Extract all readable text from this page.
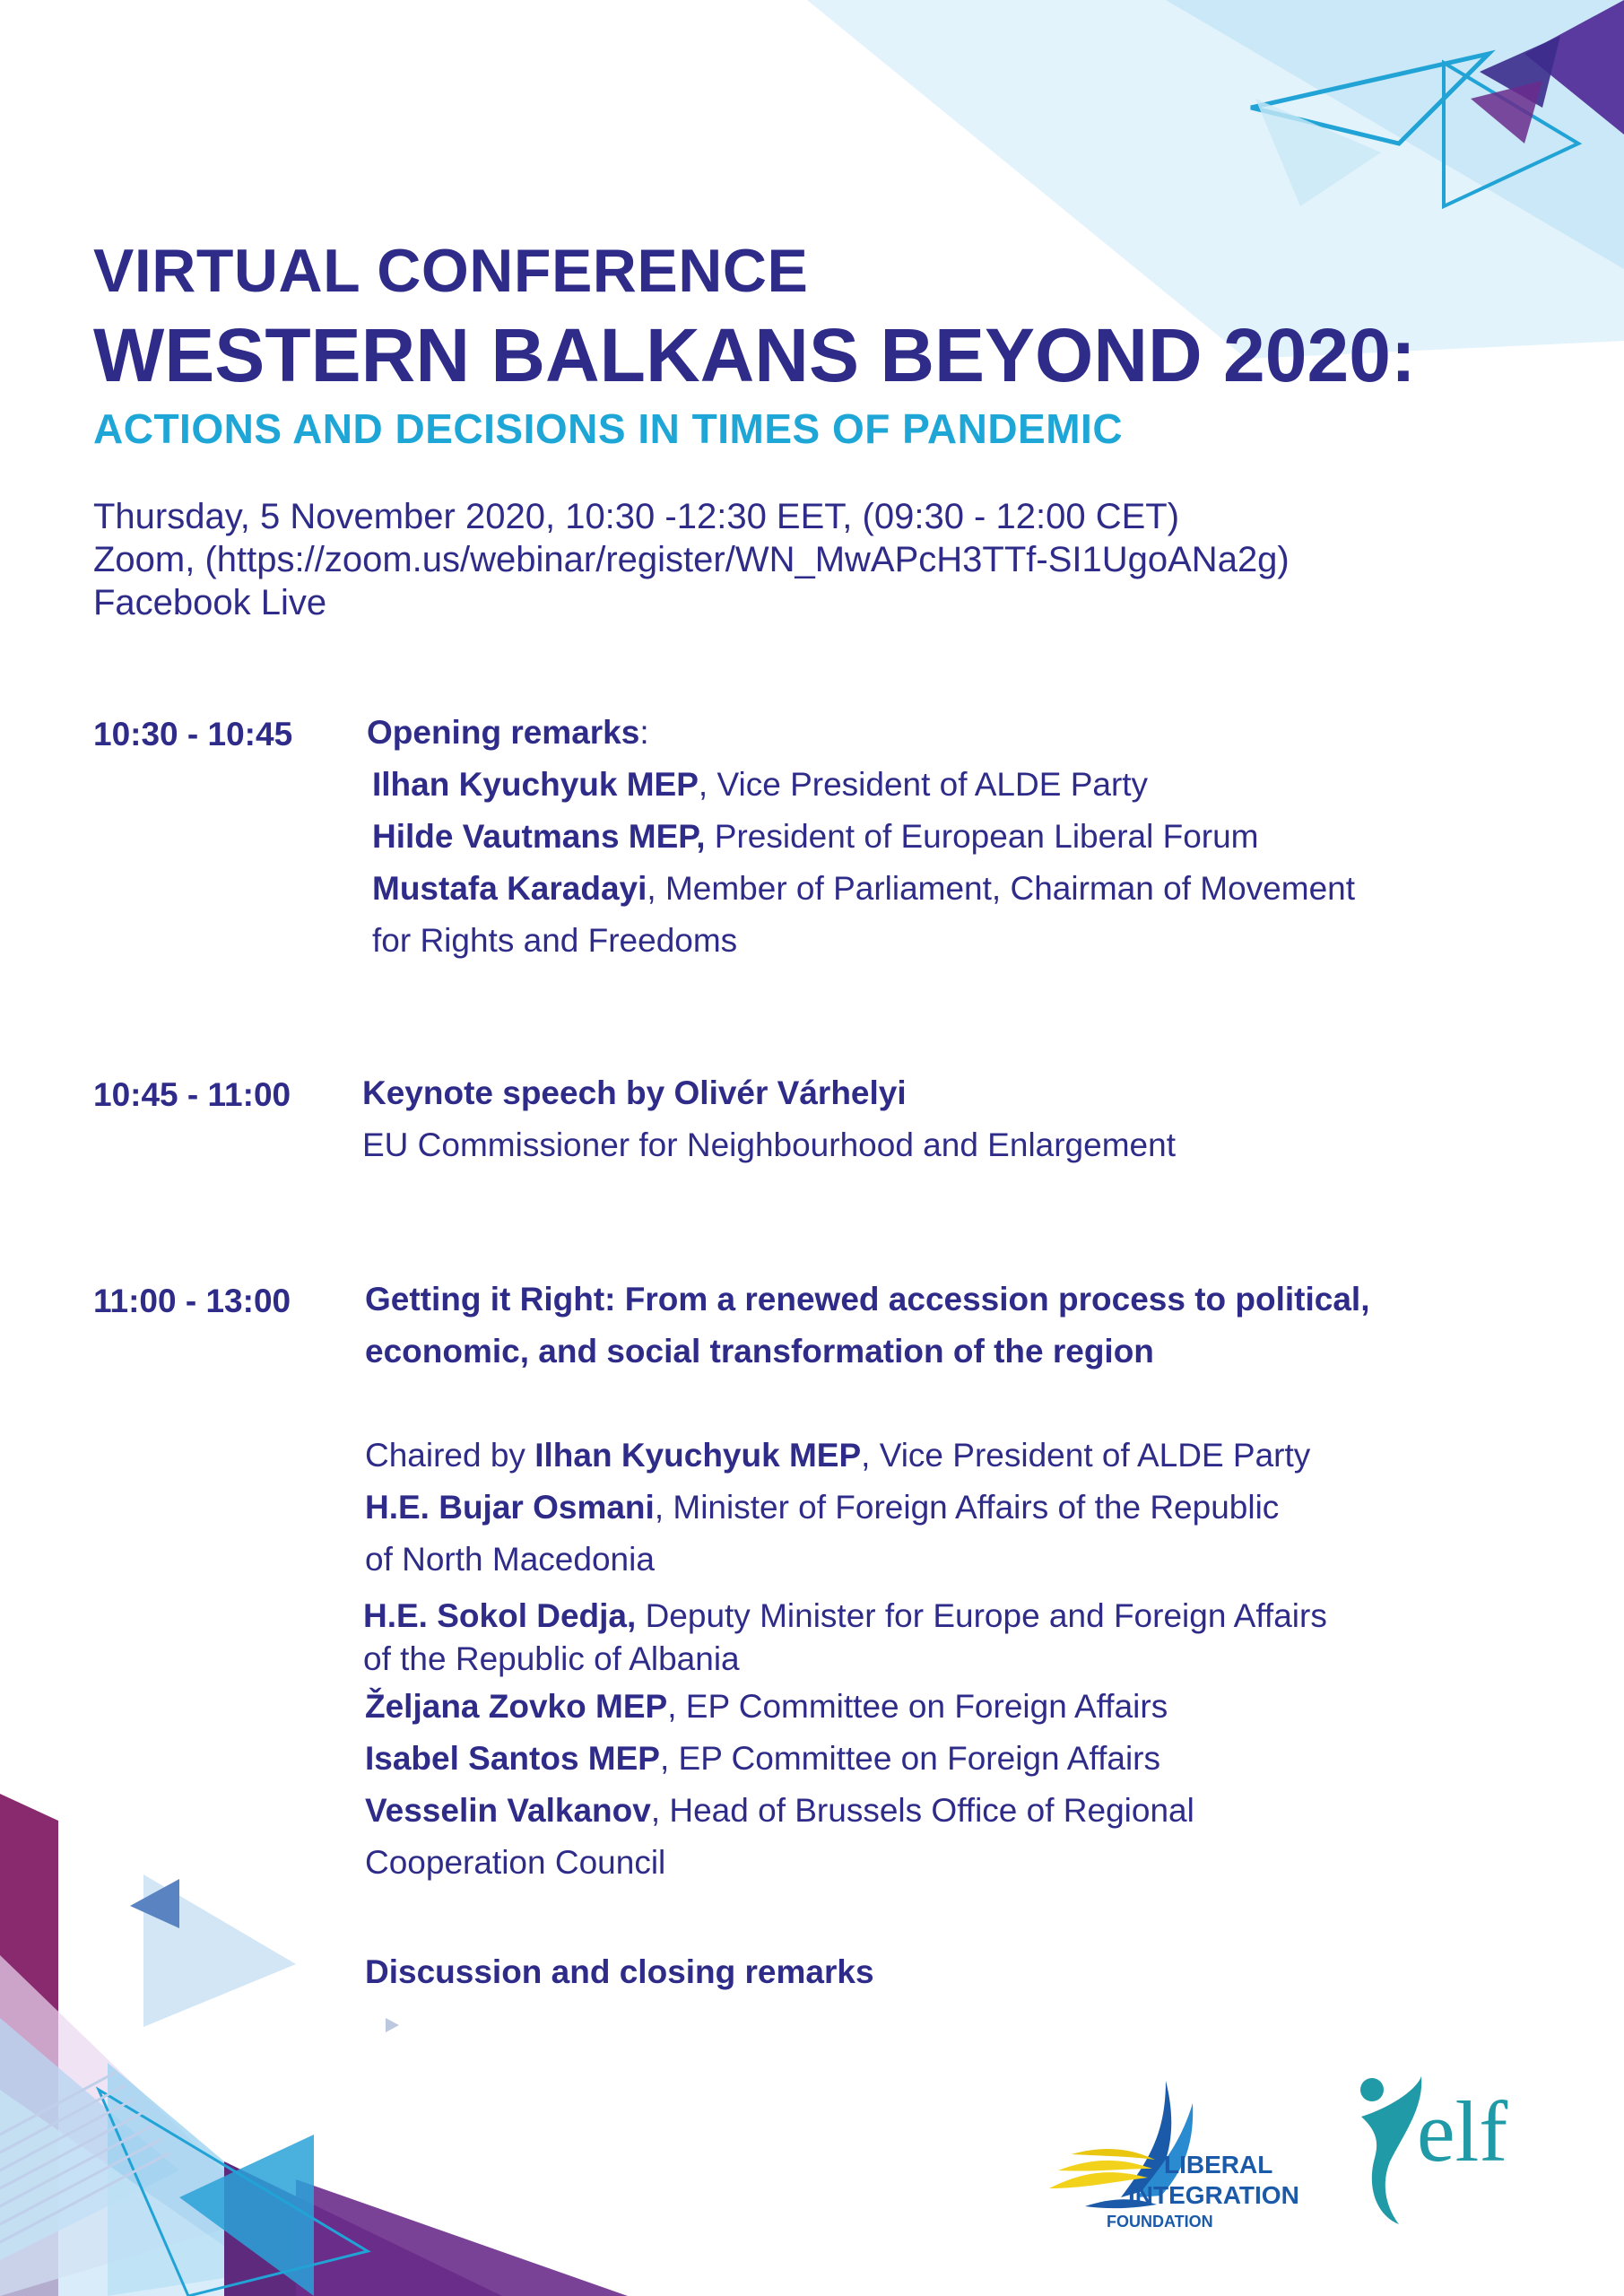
VIRTUAL CONFERENCE
WESTERN BALKANS BEYOND 2020:
ACTIONS AND DECISIONS IN TIMES OF PANDEMIC
Thursday, 5 November 2020, 10:30 -12:30 EET, (09:30 - 12:00 CET)
Zoom, (https://zoom.us/webinar/register/WN_MwAPcH3TTf-SI1UgoANa2g)
Facebook Live
10:30 - 10:45 Opening remarks:
Ilhan Kyuchyuk MEP, Vice President of ALDE Party
Hilde Vautmans MEP, President of European Liberal Forum
Mustafa Karadayi, Member of Parliament, Chairman of Movement
for Rights and Freedoms
10:45 - 11:00 Keynote speech by Olivér Várhelyi
EU Commissioner for Neighbourhood and Enlargement
11:00 - 13:00 Getting it Right: From a renewed accession process to political,
economic, and social transformation of the region
Chaired by Ilhan Kyuchyuk MEP, Vice President of ALDE Party
H.E. Bujar Osmani, Minister of Foreign Affairs of the Republic
of North Macedonia
H.E. Sokol Dedja, Deputy Minister for Europe and Foreign Affairs
of the Republic of Albania
Željana Zovko MEP, EP Committee on Foreign Affairs
Isabel Santos MEP, EP Committee on Foreign Affairs
Vesselin Valkanov, Head of Brussels Office of Regional
Cooperation Council
Discussion and closing remarks
LIBERAL
INTEGRATION
FOUNDATION
elf
